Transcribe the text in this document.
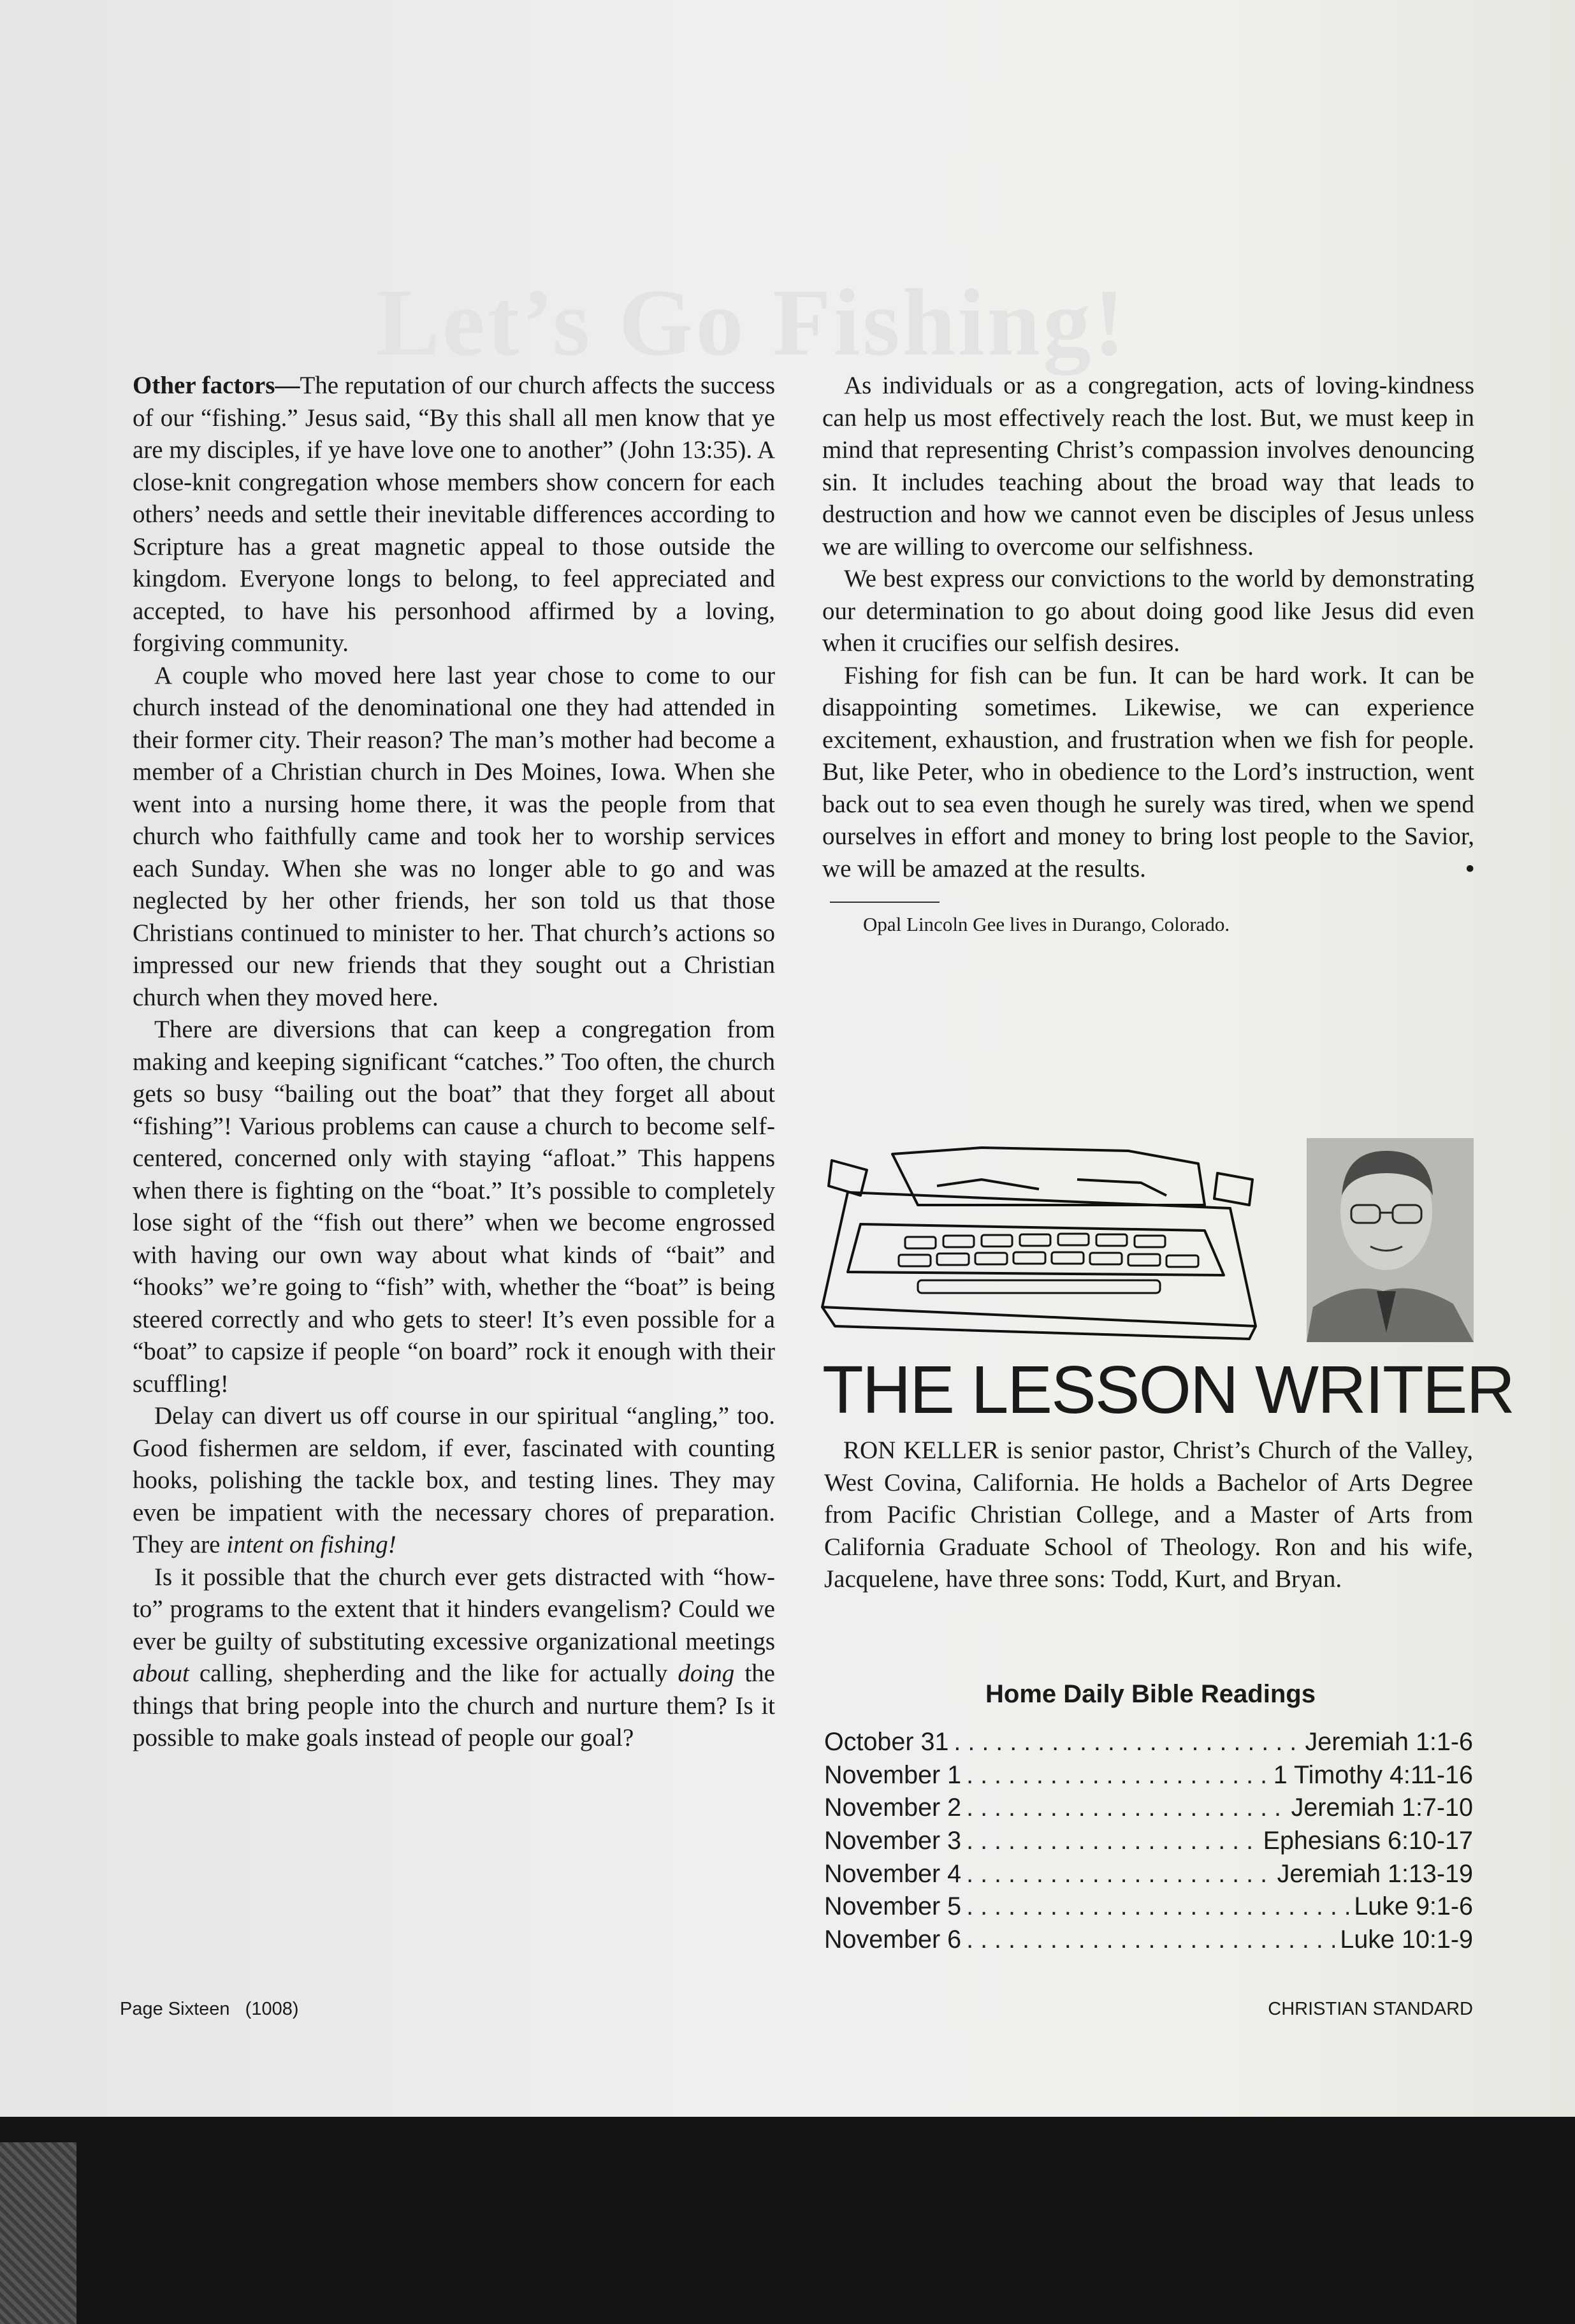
Let’s Go Fishing!

Other factors—The reputation of our church affects the success of our “fishing.” Jesus said, “By this shall all men know that ye are my disciples, if ye have love one to another” (John 13:35). A close-knit congregation whose members show concern for each others’ needs and settle their inevitable differences according to Scripture has a great magnetic appeal to those outside the kingdom. Everyone longs to belong, to feel appreciated and accepted, to have his personhood affirmed by a loving, forgiving community.

A couple who moved here last year chose to come to our church instead of the denominational one they had attended in their former city. Their reason? The man’s mother had become a member of a Christian church in Des Moines, Iowa. When she went into a nursing home there, it was the people from that church who faithfully came and took her to worship services each Sunday. When she was no longer able to go and was neglected by her other friends, her son told us that those Christians continued to minister to her. That church’s actions so impressed our new friends that they sought out a Christian church when they moved here.

There are diversions that can keep a congregation from making and keeping significant “catches.” Too often, the church gets so busy “bailing out the boat” that they forget all about “fishing”! Various problems can cause a church to become self-centered, concerned only with staying “afloat.” This happens when there is fighting on the “boat.” It’s possible to completely lose sight of the “fish out there” when we become engrossed with having our own way about what kinds of “bait” and “hooks” we’re going to “fish” with, whether the “boat” is being steered correctly and who gets to steer! It’s even possible for a “boat” to capsize if people “on board” rock it enough with their scuffling!

Delay can divert us off course in our spiritual “angling,” too. Good fishermen are seldom, if ever, fascinated with counting hooks, polishing the tackle box, and testing lines. They may even be impatient with the necessary chores of preparation. They are intent on fishing!

Is it possible that the church ever gets distracted with “how-to” programs to the extent that it hinders evangelism? Could we ever be guilty of substituting excessive organizational meetings about calling, shepherding and the like for actually doing the things that bring people into the church and nurture them? Is it possible to make goals instead of people our goal?

As individuals or as a congregation, acts of loving-kindness can help us most effectively reach the lost. But, we must keep in mind that representing Christ’s compassion involves denouncing sin. It includes teaching about the broad way that leads to destruction and how we cannot even be disciples of Jesus unless we are willing to overcome our selfishness.

We best express our convictions to the world by demonstrating our determination to go about doing good like Jesus did even when it crucifies our selfish desires.

Fishing for fish can be fun. It can be hard work. It can be disappointing sometimes. Likewise, we can experience excitement, exhaustion, and frustration when we fish for people. But, like Peter, who in obedience to the Lord’s instruction, went back out to sea even though he surely was tired, when we spend ourselves in effort and money to bring lost people to the Savior, we will be amazed at the results.	•

Opal Lincoln Gee lives in Durango, Colorado.

THE LESSON WRITER

RON KELLER is senior pastor, Christ’s Church of the Valley, West Covina, California. He holds a Bachelor of Arts Degree from Pacific Christian College, and a Master of Arts from California Graduate School of Theology. Ron and his wife, Jacquelene, have three sons: Todd, Kurt, and Bryan.

Home Daily Bible Readings
October 31 . . .	Jeremiah 1:1-6
November 1 . . .	1 Timothy 4:11-16
November 2 . . .	Jeremiah 1:7-10
November 3 . . .	Ephesians 6:10-17
November 4 . . .	Jeremiah 1:13-19
November 5 . . .	Luke 9:1-6
November 6 . . .	Luke 10:1-9
Page Sixteen   (1008)	CHRISTIAN STANDARD
